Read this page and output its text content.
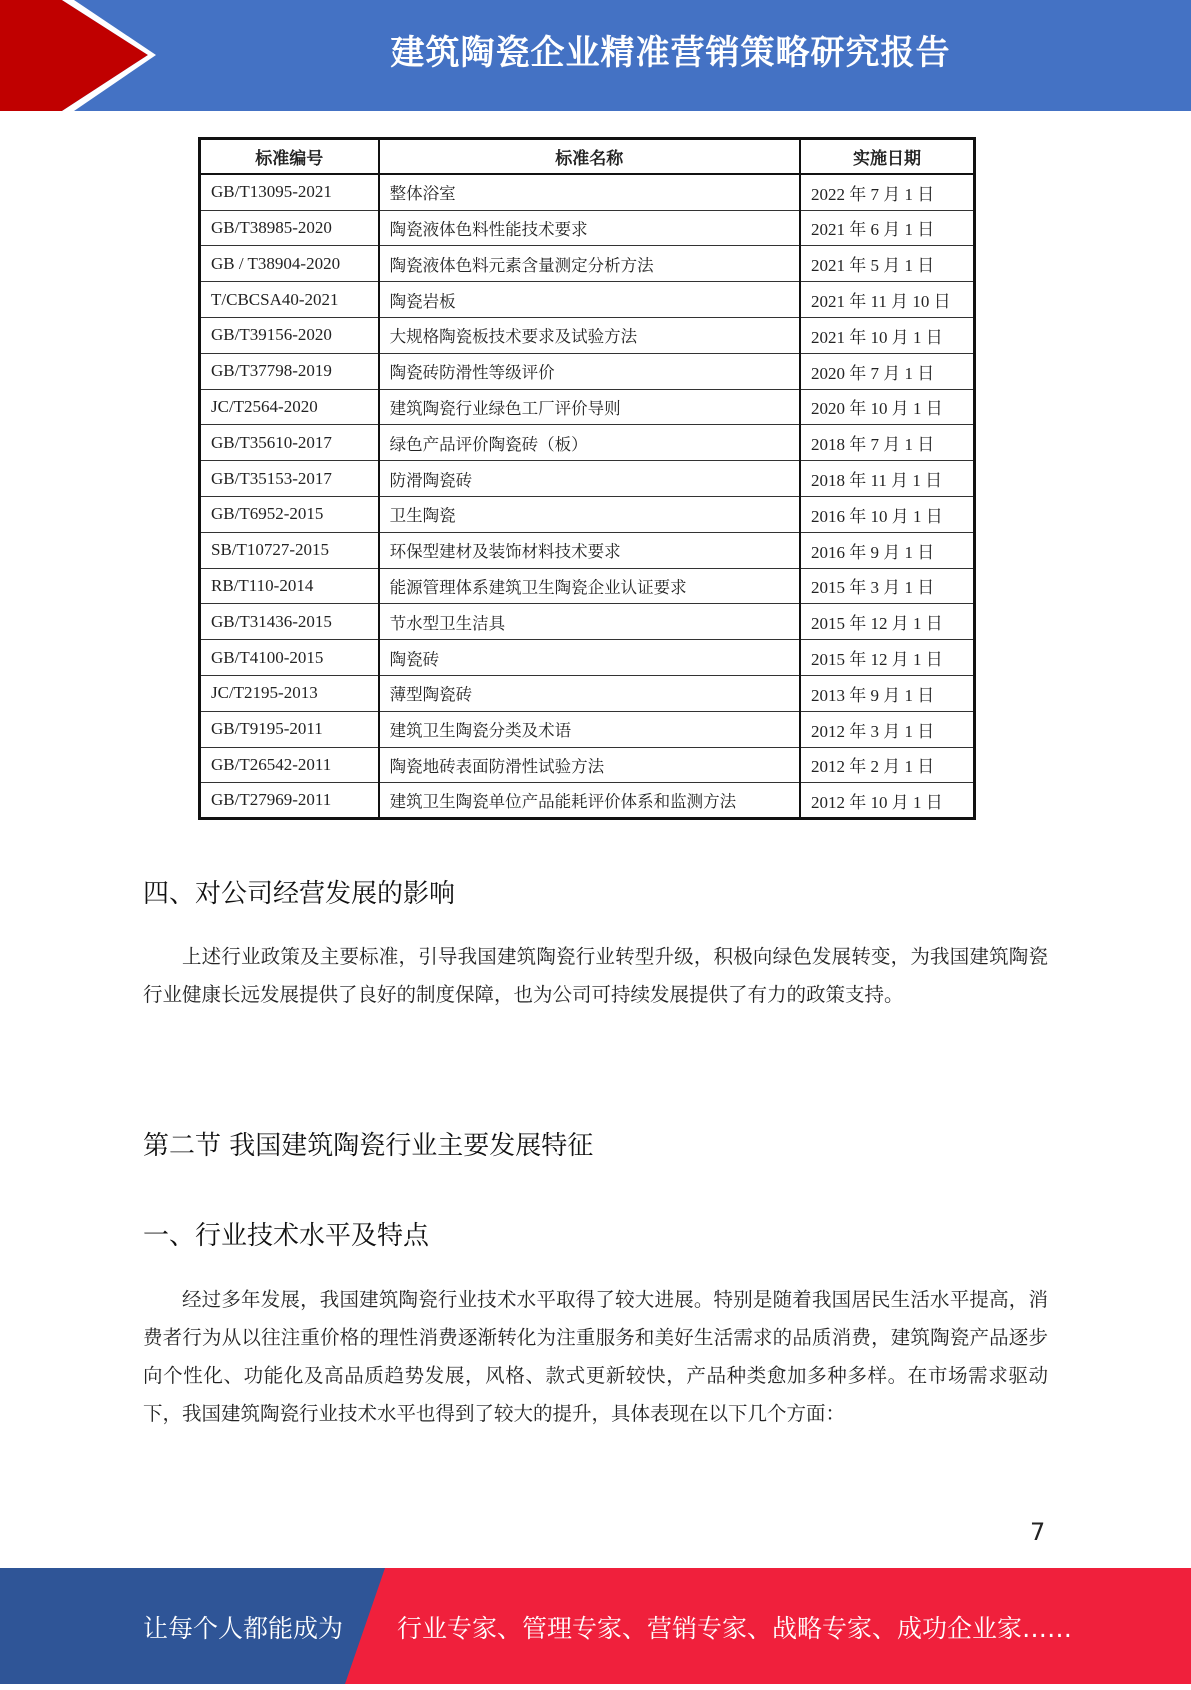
建筑陶瓷企业精准营销策略研究报告
标准编号	标准名称	实施日期
GB/T13095-2021	整体浴室	2022 年 7 月 1 日
GB/T38985-2020	陶瓷液体色料性能技术要求	2021 年 6 月 1 日
GB / T38904-2020	陶瓷液体色料元素含量测定分析方法	2021 年 5 月 1 日
T/CBCSA40-2021	陶瓷岩板	2021 年 11 月 10 日
GB/T39156-2020	大规格陶瓷板技术要求及试验方法	2021 年 10 月 1 日
GB/T37798-2019	陶瓷砖防滑性等级评价	2020 年 7 月 1 日
JC/T2564-2020	建筑陶瓷行业绿色工厂评价导则	2020 年 10 月 1 日
GB/T35610-2017	绿色产品评价陶瓷砖（板）	2018 年 7 月 1 日
GB/T35153-2017	防滑陶瓷砖	2018 年 11 月 1 日
GB/T6952-2015	卫生陶瓷	2016 年 10 月 1 日
SB/T10727-2015	环保型建材及装饰材料技术要求	2016 年 9 月 1 日
RB/T110-2014	能源管理体系建筑卫生陶瓷企业认证要求	2015 年 3 月 1 日
GB/T31436-2015	节水型卫生洁具	2015 年 12 月 1 日
GB/T4100-2015	陶瓷砖	2015 年 12 月 1 日
JC/T2195-2013	薄型陶瓷砖	2013 年 9 月 1 日
GB/T9195-2011	建筑卫生陶瓷分类及术语	2012 年 3 月 1 日
GB/T26542-2011	陶瓷地砖表面防滑性试验方法	2012 年 2 月 1 日
GB/T27969-2011	建筑卫生陶瓷单位产品能耗评价体系和监测方法	2012 年 10 月 1 日
四、对公司经营发展的影响

上述行业政策及主要标准，引导我国建筑陶瓷行业转型升级，积极向绿色发展转变，为我国建筑陶瓷行业健康长远发展提供了良好的制度保障，也为公司可持续发展提供了有力的政策支持。

第二节 我国建筑陶瓷行业主要发展特征
一、行业技术水平及特点

经过多年发展，我国建筑陶瓷行业技术水平取得了较大进展。特别是随着我国居民生活水平提高，消费者行为从以往注重价格的理性消费逐渐转化为注重服务和美好生活需求的品质消费，建筑陶瓷产品逐步向个性化、功能化及高品质趋势发展，风格、款式更新较快，产品种类愈加多种多样。在市场需求驱动下，我国建筑陶瓷行业技术水平也得到了较大的提升，具体表现在以下几个方面：

7
让每个人都能成为 行业专家、管理专家、营销专家、战略专家、成功企业家……
